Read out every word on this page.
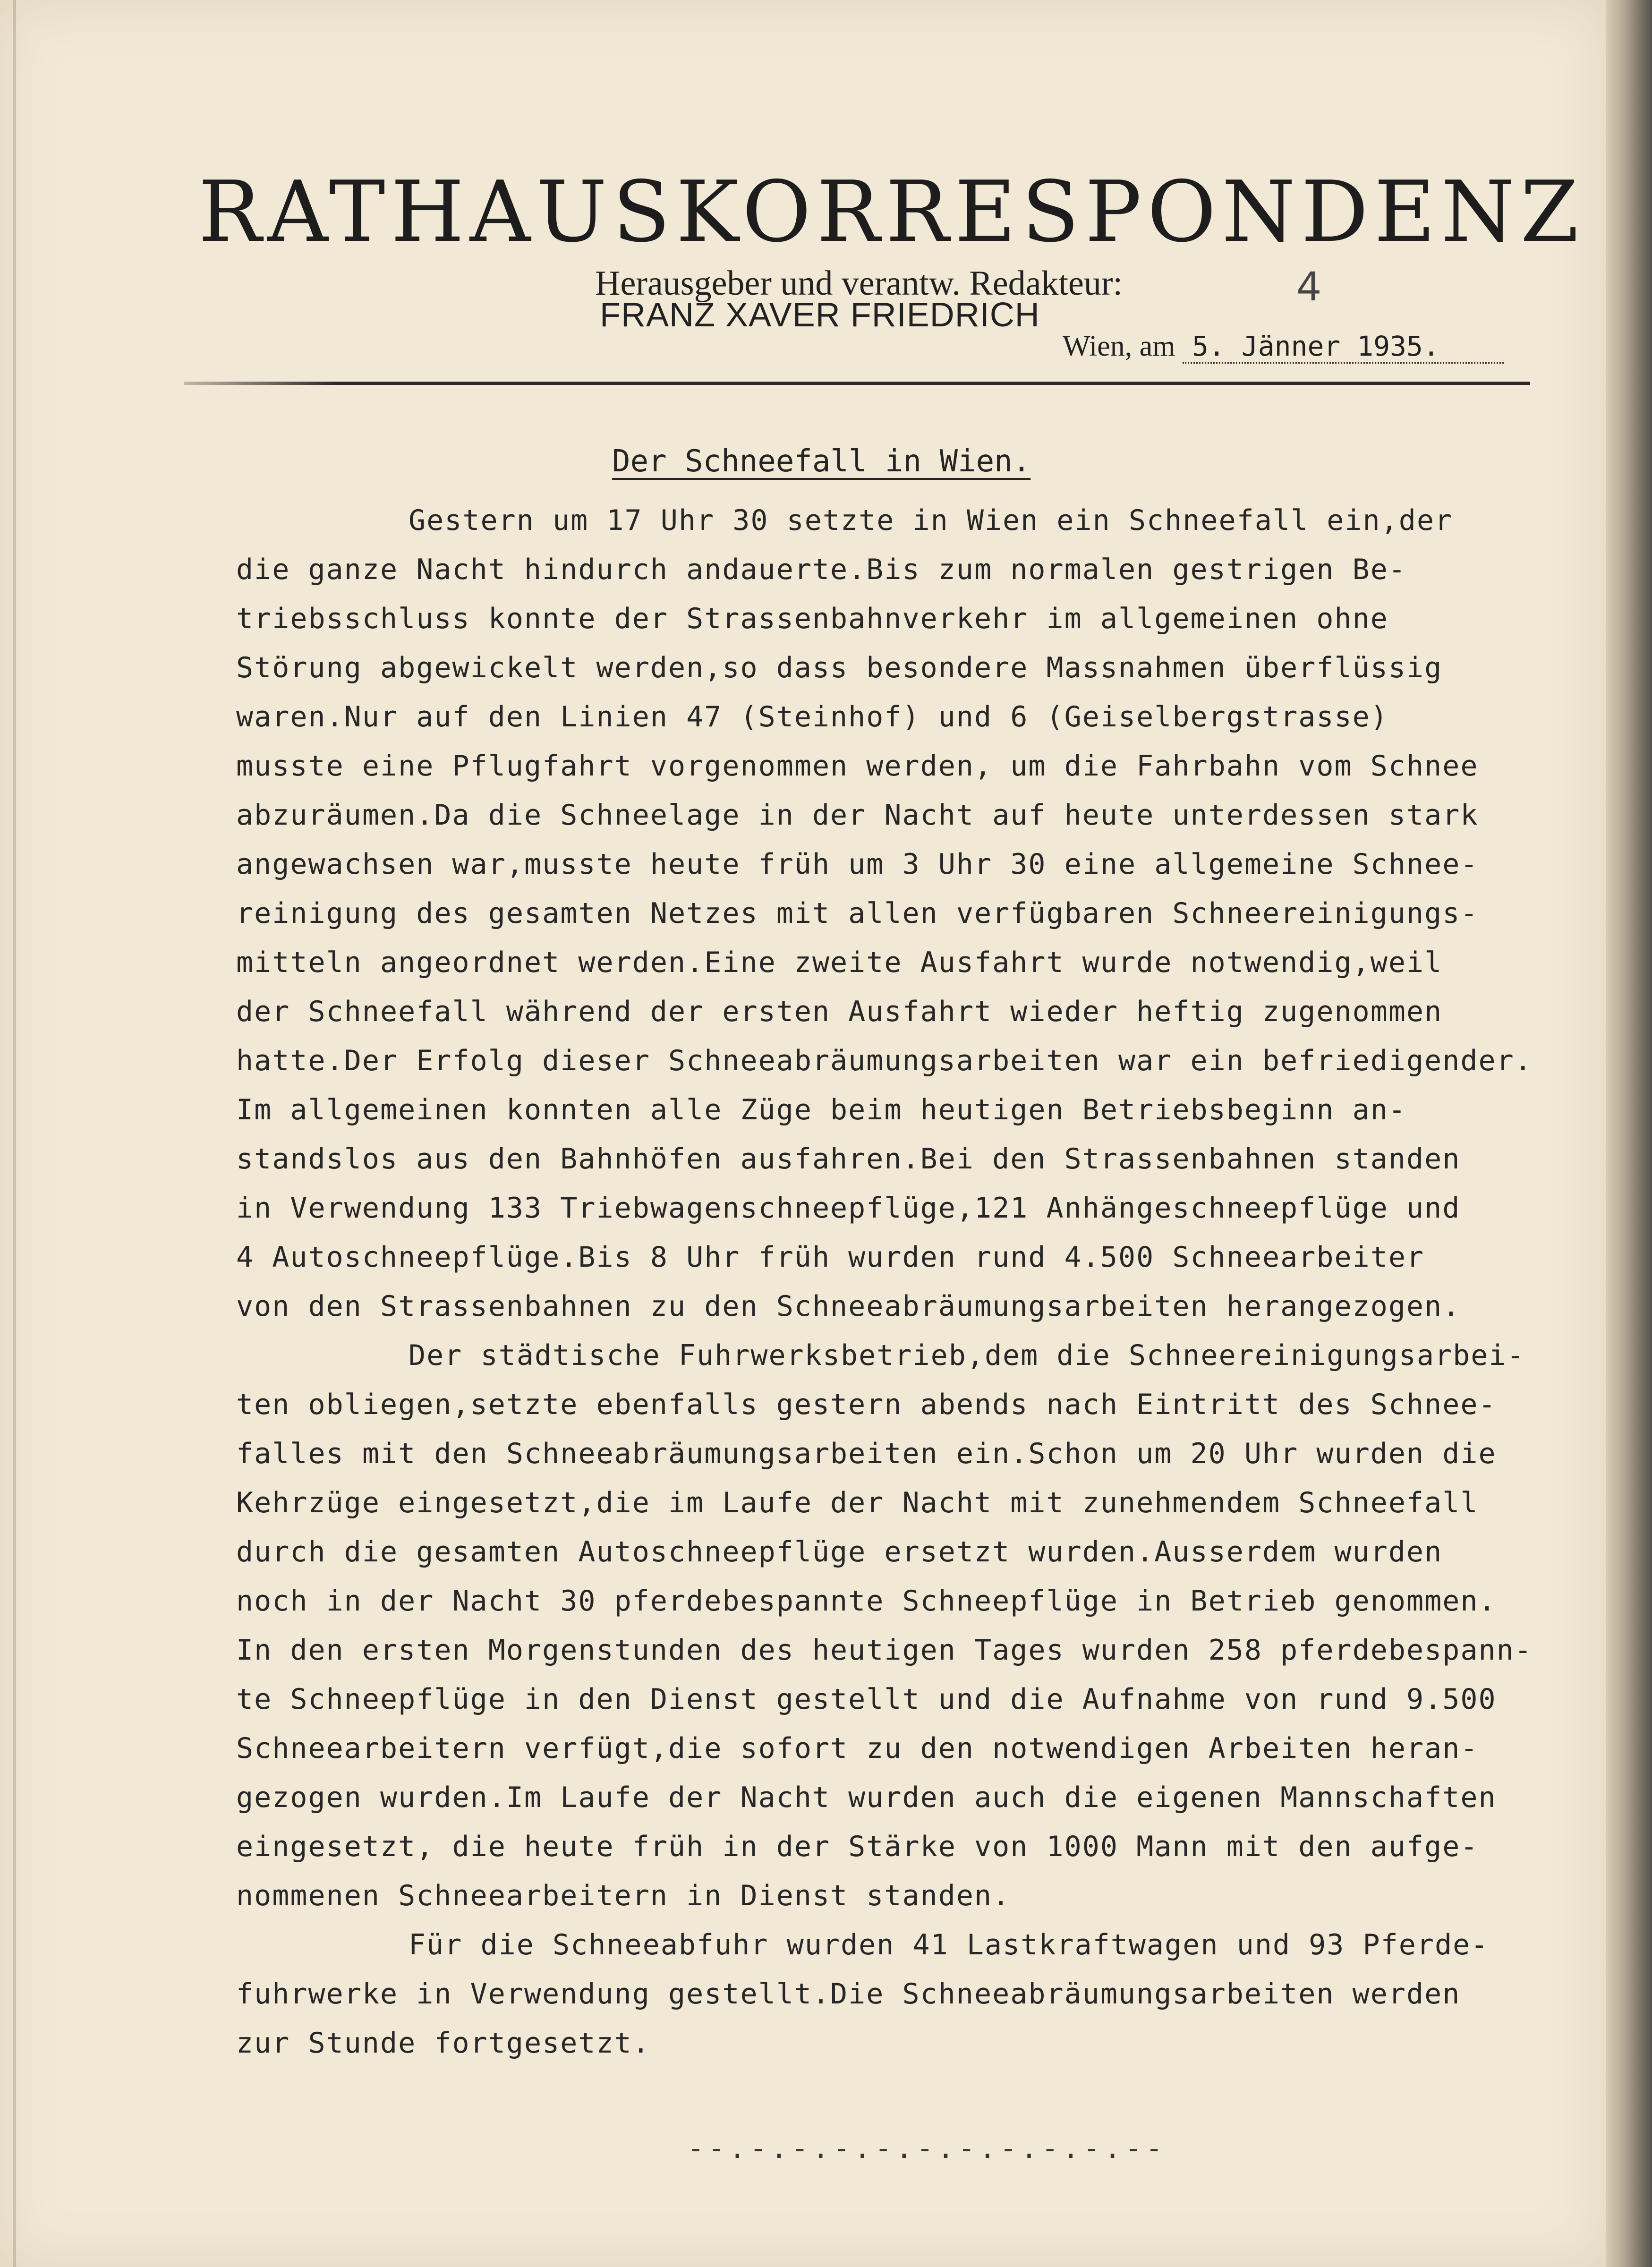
RATHAUSKORRESPONDENZ
Herausgeber und verantw. Redakteur:
FRANZ XAVER FRIEDRICH
4
Wien, am 5. Jänner 1935.
Der Schneefall in Wien.
Gestern um 17 Uhr 30 setzte in Wien ein Schneefall ein,der
die ganze Nacht hindurch andauerte.Bis zum normalen gestrigen Be-
triebsschluss konnte der Strassenbahnverkehr im allgemeinen ohne
Störung abgewickelt werden,so dass besondere Massnahmen überflüssig
waren.Nur auf den Linien 47 (Steinhof) und 6 (Geiselbergstrasse)
musste eine Pflugfahrt vorgenommen werden, um die Fahrbahn vom Schnee
abzuräumen.Da die Schneelage in der Nacht auf heute unterdessen stark
angewachsen war,musste heute früh um 3 Uhr 30 eine allgemeine Schnee-
reinigung des gesamten Netzes mit allen verfügbaren Schneereinigungs-
mitteln angeordnet werden.Eine zweite Ausfahrt wurde notwendig,weil
der Schneefall während der ersten Ausfahrt wieder heftig zugenommen
hatte.Der Erfolg dieser Schneeabräumungsarbeiten war ein befriedigender.
Im allgemeinen konnten alle Züge beim heutigen Betriebsbeginn an-
standslos aus den Bahnhöfen ausfahren.Bei den Strassenbahnen standen
in Verwendung 133 Triebwagenschneepflüge,121 Anhängeschneepflüge und
4 Autoschneepflüge.Bis 8 Uhr früh wurden rund 4.500 Schneearbeiter
von den Strassenbahnen zu den Schneeabräumungsarbeiten herangezogen.
Der städtische Fuhrwerksbetrieb,dem die Schneereinigungsarbei-
ten obliegen,setzte ebenfalls gestern abends nach Eintritt des Schnee-
falles mit den Schneeabräumungsarbeiten ein.Schon um 20 Uhr wurden die
Kehrzüge eingesetzt,die im Laufe der Nacht mit zunehmendem Schneefall
durch die gesamten Autoschneepflüge ersetzt wurden.Ausserdem wurden
noch in der Nacht 30 pferdebespannte Schneepflüge in Betrieb genommen.
In den ersten Morgenstunden des heutigen Tages wurden 258 pferdebespann-
te Schneepflüge in den Dienst gestellt und die Aufnahme von rund 9.500
Schneearbeitern verfügt,die sofort zu den notwendigen Arbeiten heran-
gezogen wurden.Im Laufe der Nacht wurden auch die eigenen Mannschaften
eingesetzt, die heute früh in der Stärke von 1000 Mann mit den aufge-
nommenen Schneearbeitern in Dienst standen.
Für die Schneeabfuhr wurden 41 Lastkraftwagen und 93 Pferde-
fuhrwerke in Verwendung gestellt.Die Schneeabräumungsarbeiten werden
zur Stunde fortgesetzt.
--.-.-.-.-.-.-.-.-.-.--
